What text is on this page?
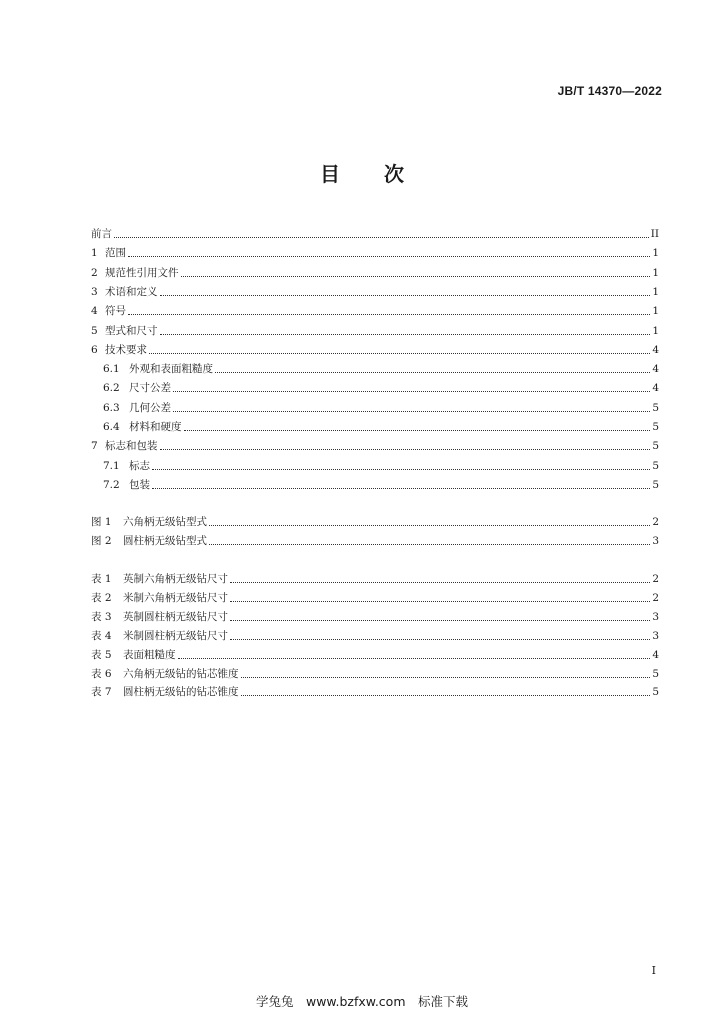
JB/T 14370—2022
目 次
前言	II
1 范围	1
2 规范性引用文件	1
3 术语和定义	1
4 符号	1
5 型式和尺寸	1
6 技术要求	4
6.1 外观和表面粗糙度	4
6.2 尺寸公差	4
6.3 几何公差	5
6.4 材料和硬度	5
7 标志和包装	5
7.1 标志	5
7.2 包装	5
图 1	六角柄无级钻型式	2
图 2	圆柱柄无级钻型式	3
表 1	英制六角柄无级钻尺寸	2
表 2	米制六角柄无级钻尺寸	2
表 3	英制圆柱柄无级钻尺寸	3
表 4	米制圆柱柄无级钻尺寸	3
表 5	表面粗糙度	4
表 6	六角柄无级钻的钻芯锥度	5
表 7	圆柱柄无级钻的钻芯锥度	5
I
学兔兔　www.bzfxw.com　标准下载
